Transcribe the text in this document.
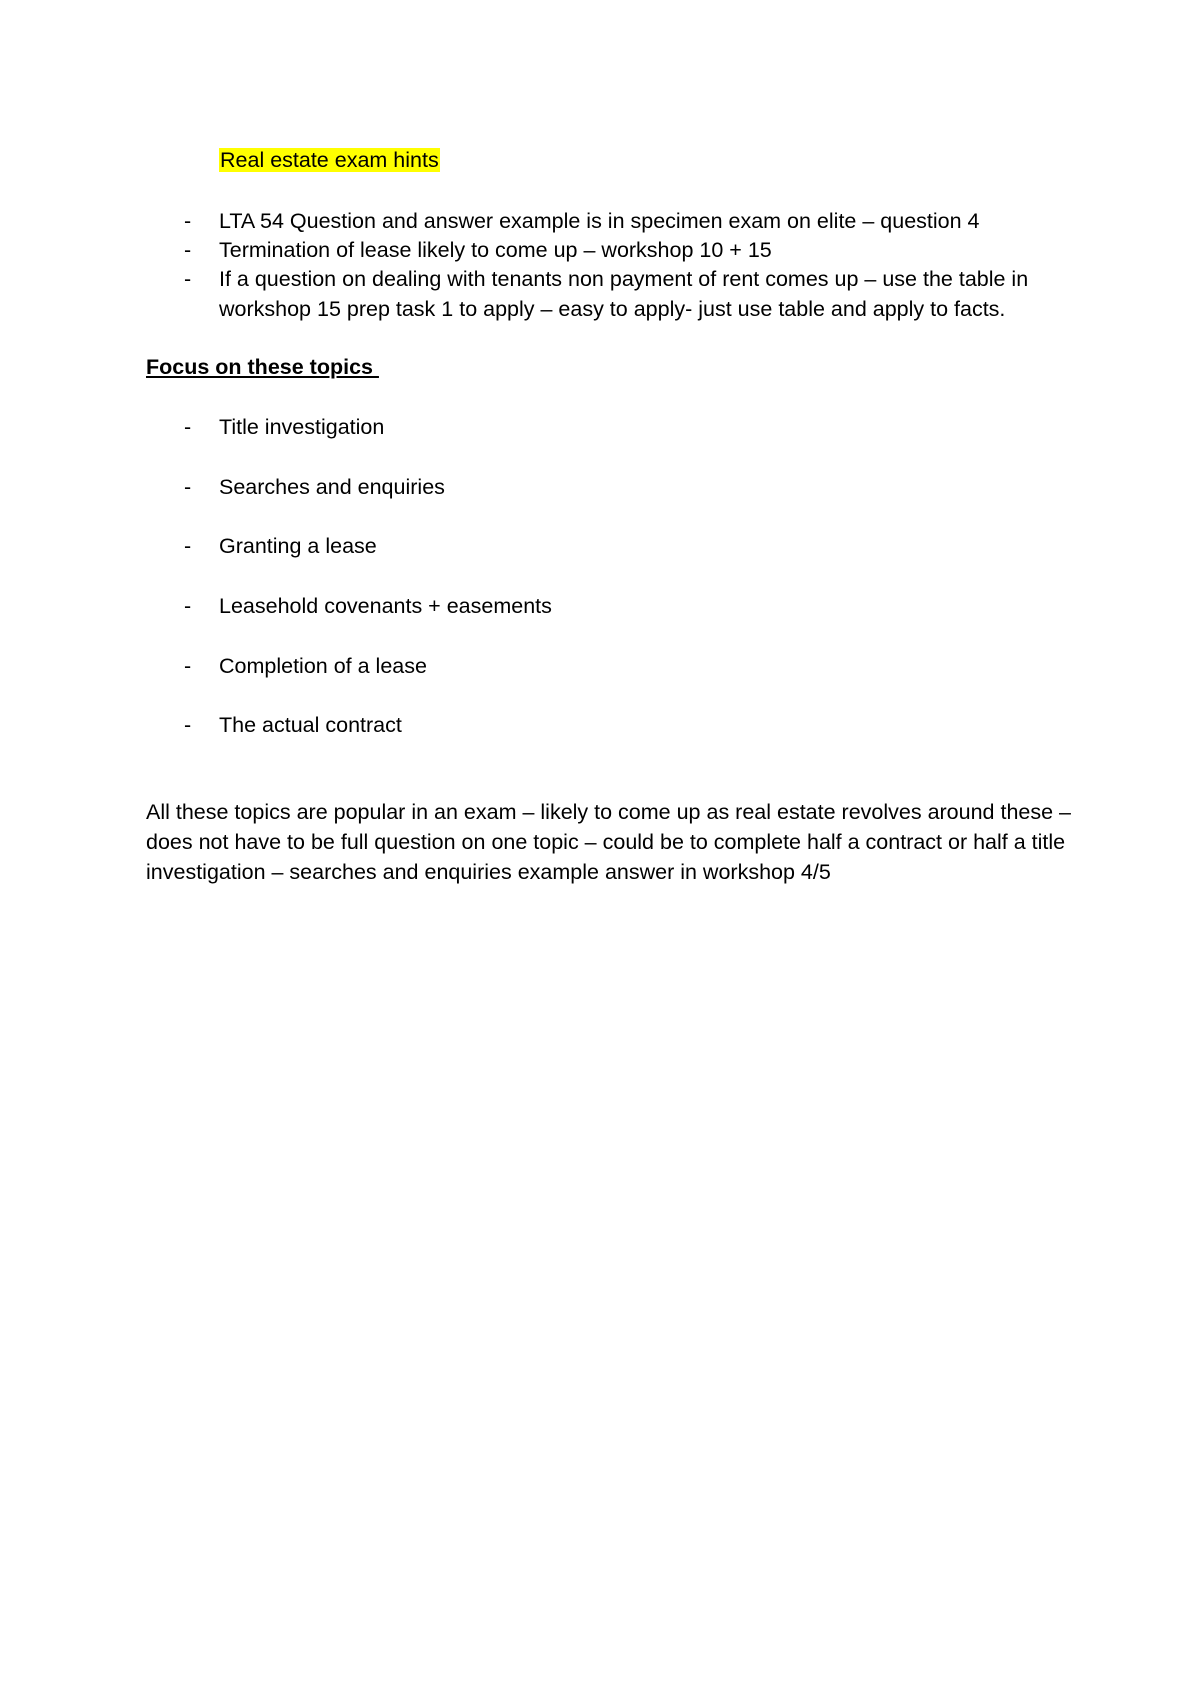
Real estate exam hints
- LTA 54 Question and answer example is in specimen exam on elite – question 4
- Termination of lease likely to come up – workshop 10 + 15
- If a question on dealing with tenants non payment of rent comes up – use the table in workshop 15 prep task 1 to apply – easy to apply- just use table and apply to facts.
Focus on these topics
- Title investigation
- Searches and enquiries
- Granting a lease
- Leasehold covenants + easements
- Completion of a lease
- The actual contract

All these topics are popular in an exam – likely to come up as real estate revolves around these – does not have to be full question on one topic – could be to complete half a contract or half a title investigation – searches and enquiries example answer in workshop 4/5
